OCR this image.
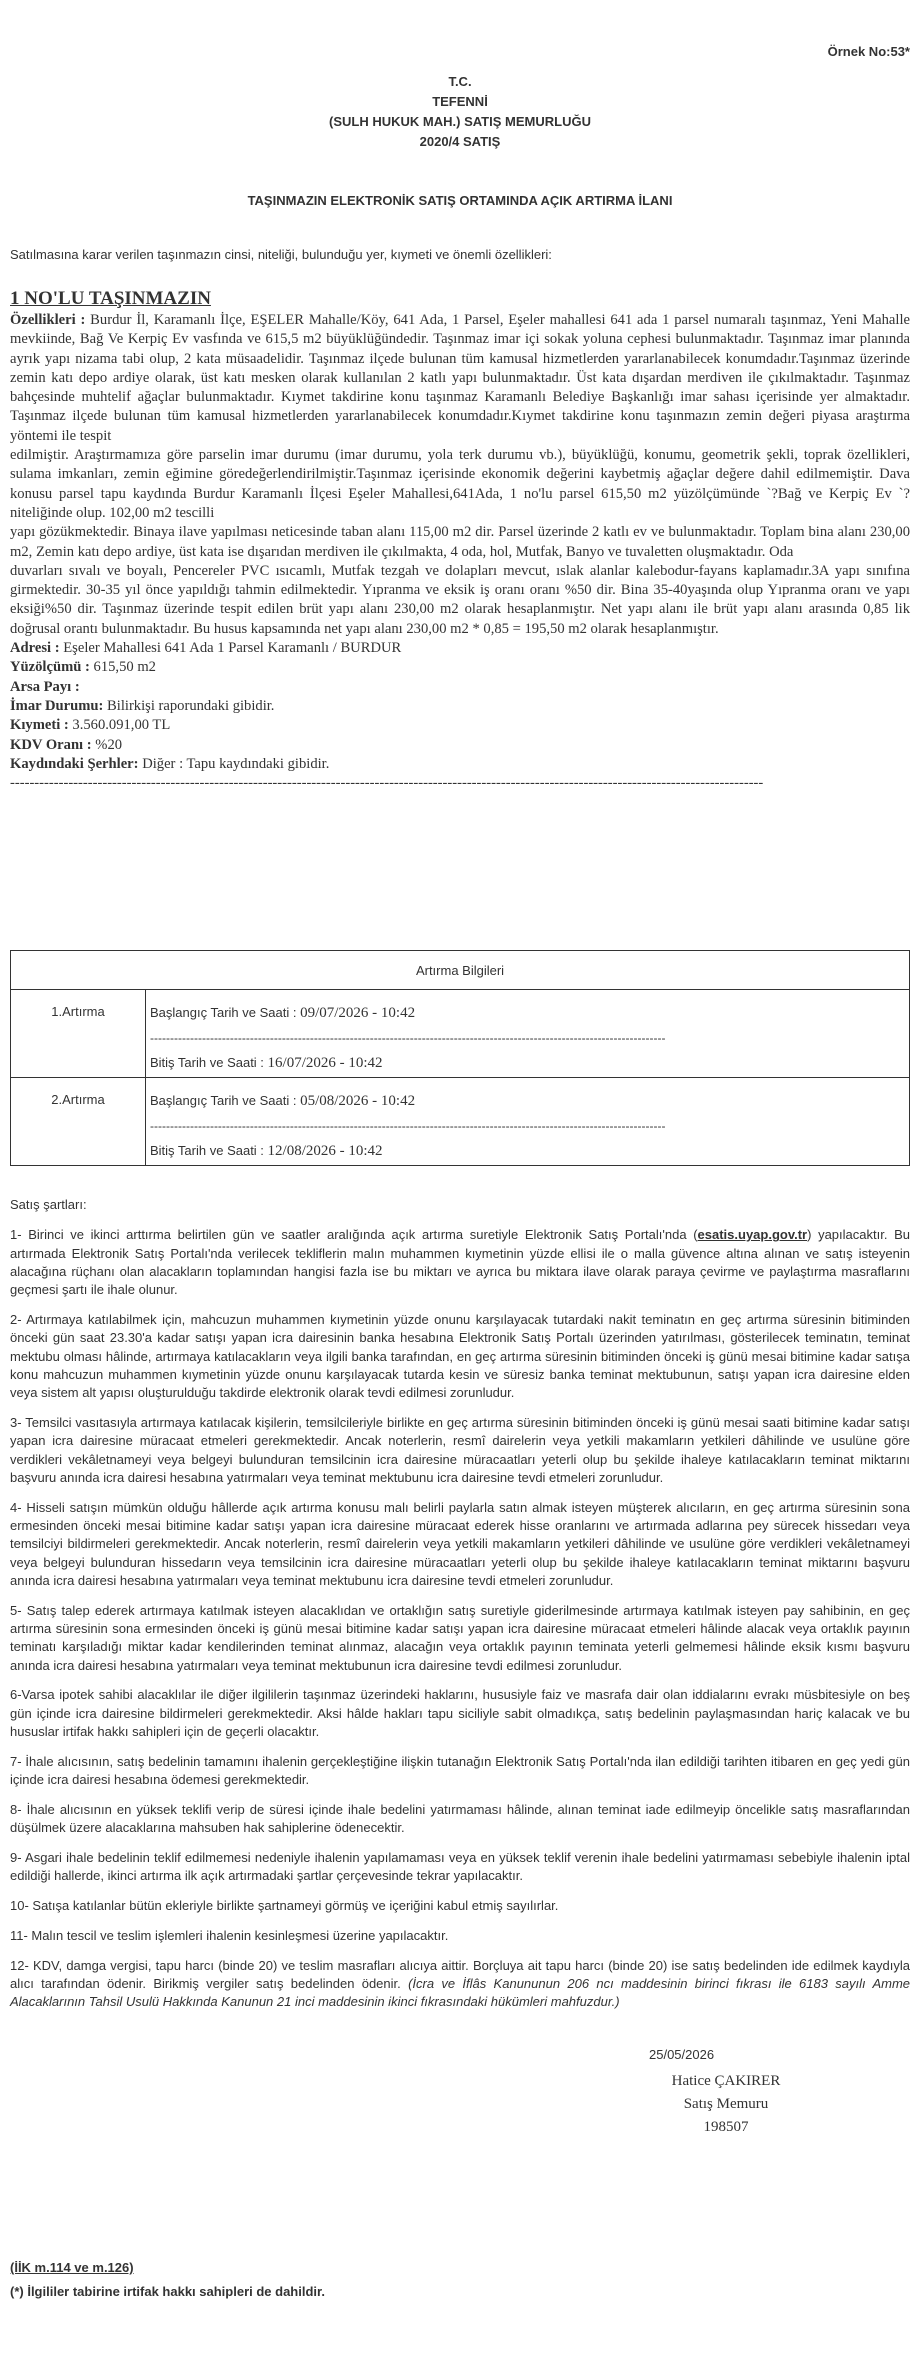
Örnek No:53*
T.C.
TEFENNİ
(SULH HUKUK MAH.) SATIŞ MEMURLUĞU
2020/4 SATIŞ
TAŞINMAZIN ELEKTRONİK SATIŞ ORTAMINDA AÇIK ARTIRMA İLANI
Satılmasına karar verilen taşınmazın cinsi, niteliği, bulunduğu yer, kıymeti ve önemli özellikleri:
1 NO'LU TAŞINMAZIN

Özellikleri : Burdur İl, Karamanlı İlçe, EŞELER Mahalle/Köy, 641 Ada, 1 Parsel, Eşeler mahallesi 641 ada 1 parsel numaralı taşınmaz, Yeni Mahalle mevkiinde, Bağ Ve Kerpiç Ev vasfında ve 615,5 m2 büyüklüğündedir. Taşınmaz imar içi sokak yoluna cephesi bulunmaktadır. Taşınmaz imar planında ayrık yapı nizama tabi olup, 2 kata müsaadelidir. Taşınmaz ilçede bulunan tüm kamusal hizmetlerden yararlanabilecek konumdadır.Taşınmaz üzerinde zemin katı depo ardiye olarak, üst katı mesken olarak kullanılan 2 katlı yapı bulunmaktadır. Üst kata dışardan merdiven ile çıkılmaktadır. Taşınmaz bahçesinde muhtelif ağaçlar bulunmaktadır. Kıymet takdirine konu taşınmaz Karamanlı Belediye Başkanlığı imar sahası içerisinde yer almaktadır. Taşınmaz ilçede bulunan tüm kamusal hizmetlerden yararlanabilecek konumdadır.Kıymet takdirine konu taşınmazın zemin değeri piyasa araştırma yöntemi ile tespit

edilmiştir. Araştırmamıza göre parselin imar durumu (imar durumu, yola terk durumu vb.), büyüklüğü, konumu, geometrik şekli, toprak özellikleri, sulama imkanları, zemin eğimine göredeğerlendirilmiştir.Taşınmaz içerisinde ekonomik değerini kaybetmiş ağaçlar değere dahil edilmemiştir. Dava konusu parsel tapu kaydında Burdur Karamanlı İlçesi Eşeler Mahallesi,641Ada, 1 no'lu parsel 615,50 m2 yüzölçümünde `?Bağ ve Kerpiç Ev `? niteliğinde olup. 102,00 m2 tescilli

yapı gözükmektedir. Binaya ilave yapılması neticesinde taban alanı 115,00 m2 dir. Parsel üzerinde 2 katlı ev ve bulunmaktadır. Toplam bina alanı 230,00 m2, Zemin katı depo ardiye, üst kata ise dışarıdan merdiven ile çıkılmakta, 4 oda, hol, Mutfak, Banyo ve tuvaletten oluşmaktadır. Oda

duvarları sıvalı ve boyalı, Pencereler PVC ısıcamlı, Mutfak tezgah ve dolapları mevcut, ıslak alanlar kalebodur-fayans kaplamadır.3A yapı sınıfına girmektedir. 30-35 yıl önce yapıldığı tahmin edilmektedir. Yıpranma ve eksik iş oranı oranı %50 dir. Bina 35-40yaşında olup Yıpranma oranı ve yapı eksiği%50 dir. Taşınmaz üzerinde tespit edilen brüt yapı alanı 230,00 m2 olarak hesaplanmıştır. Net yapı alanı ile brüt yapı alanı arasında 0,85 lik doğrusal orantı bulunmaktadır. Bu husus kapsamında net yapı alanı 230,00 m2 * 0,85 = 195,50 m2 olarak hesaplanmıştır.

Adresi : Eşeler Mahallesi 641 Ada 1 Parsel Karamanlı / BURDUR

Yüzölçümü : 615,50 m2

Arsa Payı :

İmar Durumu: Bilirkişi raporundaki gibidir.

Kıymeti : 3.560.091,00 TL

KDV Oranı : %20

Kaydındaki Şerhler: Diğer : Tapu kaydındaki gibidir.

-----------------------------------------------------------------------------------------------------------------------------------------------------------
Artırma Bilgileri	
1.Artırma	Başlangıç Tarih ve Saati : 09/07/2026 - 10:42
---------------------------------------------------------------------------------------------------------------------------------
Bitiş Tarih ve Saati : 16/07/2026 - 10:42

2.Artırma	Başlangıç Tarih ve Saati : 05/08/2026 - 10:42
---------------------------------------------------------------------------------------------------------------------------------
Bitiş Tarih ve Saati : 12/08/2026 - 10:42

Satış şartları:

1- Birinci ve ikinci arttırma belirtilen gün ve saatler aralığında açık artırma suretiyle Elektronik Satış Portalı'nda (esatis.uyap.gov.tr) yapılacaktır. Bu artırmada Elektronik Satış Portalı'nda verilecek tekliflerin malın muhammen kıymetinin yüzde ellisi ile o malla güvence altına alınan ve satış isteyenin alacağına rüçhanı olan alacakların toplamından hangisi fazla ise bu miktarı ve ayrıca bu miktara ilave olarak paraya çevirme ve paylaştırma masraflarını geçmesi şartı ile ihale olunur.

2- Artırmaya katılabilmek için, mahcuzun muhammen kıymetinin yüzde onunu karşılayacak tutardaki nakit teminatın en geç artırma süresinin bitiminden önceki gün saat 23.30'a kadar satışı yapan icra dairesinin banka hesabına Elektronik Satış Portalı üzerinden yatırılması, gösterilecek teminatın, teminat mektubu olması hâlinde, artırmaya katılacakların veya ilgili banka tarafından, en geç artırma süresinin bitiminden önceki iş günü mesai bitimine kadar satışa konu mahcuzun muhammen kıymetinin yüzde onunu karşılayacak tutarda kesin ve süresiz banka teminat mektubunun, satışı yapan icra dairesine elden veya sistem alt yapısı oluşturulduğu takdirde elektronik olarak tevdi edilmesi zorunludur.

3- Temsilci vasıtasıyla artırmaya katılacak kişilerin, temsilcileriyle birlikte en geç artırma süresinin bitiminden önceki iş günü mesai saati bitimine kadar satışı yapan icra dairesine müracaat etmeleri gerekmektedir. Ancak noterlerin, resmî dairelerin veya yetkili makamların yetkileri dâhilinde ve usulüne göre verdikleri vekâletnameyi veya belgeyi bulunduran temsilcinin icra dairesine müracaatları yeterli olup bu şekilde ihaleye katılacakların teminat miktarını başvuru anında icra dairesi hesabına yatırmaları veya teminat mektubunu icra dairesine tevdi etmeleri zorunludur.

4- Hisseli satışın mümkün olduğu hâllerde açık artırma konusu malı belirli paylarla satın almak isteyen müşterek alıcıların, en geç artırma süresinin sona ermesinden önceki mesai bitimine kadar satışı yapan icra dairesine müracaat ederek hisse oranlarını ve artırmada adlarına pey sürecek hissedarı veya temsilciyi bildirmeleri gerekmektedir. Ancak noterlerin, resmî dairelerin veya yetkili makamların yetkileri dâhilinde ve usulüne göre verdikleri vekâletnameyi veya belgeyi bulunduran hissedarın veya temsilcinin icra dairesine müracaatları yeterli olup bu şekilde ihaleye katılacakların teminat miktarını başvuru anında icra dairesi hesabına yatırmaları veya teminat mektubunu icra dairesine tevdi etmeleri zorunludur.

5- Satış talep ederek artırmaya katılmak isteyen alacaklıdan ve ortaklığın satış suretiyle giderilmesinde artırmaya katılmak isteyen pay sahibinin, en geç artırma süresinin sona ermesinden önceki iş günü mesai bitimine kadar satışı yapan icra dairesine müracaat etmeleri hâlinde alacak veya ortaklık payının teminatı karşıladığı miktar kadar kendilerinden teminat alınmaz, alacağın veya ortaklık payının teminata yeterli gelmemesi hâlinde eksik kısmı başvuru anında icra dairesi hesabına yatırmaları veya teminat mektubunun icra dairesine tevdi edilmesi zorunludur.

6-Varsa ipotek sahibi alacaklılar ile diğer ilgililerin taşınmaz üzerindeki haklarını, hususiyle faiz ve masrafa dair olan iddialarını evrakı müsbitesiyle on beş gün içinde icra dairesine bildirmeleri gerekmektedir. Aksi hâlde hakları tapu siciliyle sabit olmadıkça, satış bedelinin paylaşmasından hariç kalacak ve bu hususlar irtifak hakkı sahipleri için de geçerli olacaktır.

7- İhale alıcısının, satış bedelinin tamamını ihalenin gerçekleştiğine ilişkin tutanağın Elektronik Satış Portalı'nda ilan edildiği tarihten itibaren en geç yedi gün içinde icra dairesi hesabına ödemesi gerekmektedir.

8- İhale alıcısının en yüksek teklifi verip de süresi içinde ihale bedelini yatırmaması hâlinde, alınan teminat iade edilmeyip öncelikle satış masraflarından düşülmek üzere alacaklarına mahsuben hak sahiplerine ödenecektir.

9- Asgari ihale bedelinin teklif edilmemesi nedeniyle ihalenin yapılamaması veya en yüksek teklif verenin ihale bedelini yatırmaması sebebiyle ihalenin iptal edildiği hallerde, ikinci artırma ilk açık artırmadaki şartlar çerçevesinde tekrar yapılacaktır.

10- Satışa katılanlar bütün ekleriyle birlikte şartnameyi görmüş ve içeriğini kabul etmiş sayılırlar.

11- Malın tescil ve teslim işlemleri ihalenin kesinleşmesi üzerine yapılacaktır.

12- KDV, damga vergisi, tapu harcı (binde 20) ve teslim masrafları alıcıya aittir. Borçluya ait tapu harcı (binde 20) ise satış bedelinden ide edilmek kaydıyla alıcı tarafından ödenir. Birikmiş vergiler satış bedelinden ödenir. (İcra ve İflâs Kanununun 206 ncı maddesinin birinci fıkrası ile 6183 sayılı Amme Alacaklarının Tahsil Usulü Hakkında Kanunun 21 inci maddesinin ikinci fıkrasındaki hükümleri mahfuzdur.)

25/05/2026
Hatice ÇAKIRER
Satış Memuru
198507
(İİK m.114 ve m.126)
(*) İlgililer tabirine irtifak hakkı sahipleri de dahildir.
